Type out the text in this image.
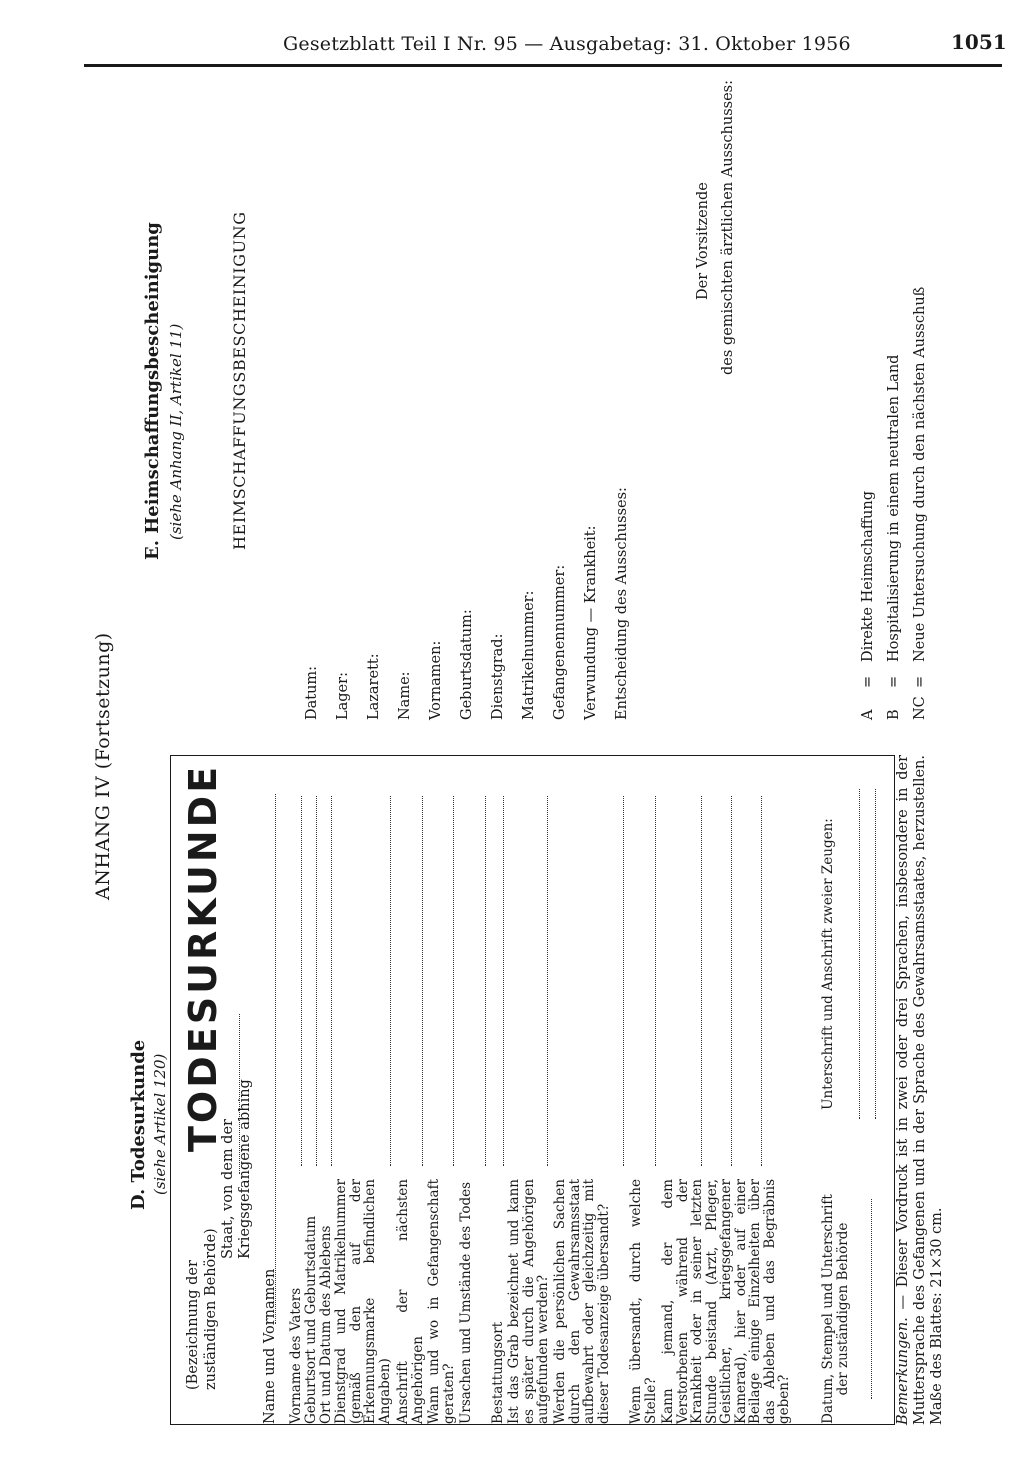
Gesetzblatt Teil I Nr. 95 — Ausgabetag: 31. Oktober 1956	1051
ANHANG IV (Fortsetzung)
D. Todesurkunde (siehe Artikel 120)
(Bezeichnung der zuständigen Behörde)
Staat, von dem der Kriegsgefangene abhing
TODESURKUNDE
Name und Vornamen Vorname des Vaters Geburtsort und Geburtsdatum Ort und Datum des Ablebens Dienstgrad und Matrikelnummer (gemäß den auf der Erkennungsmarke befindlichen Angaben) Anschrift der nächsten Angehörigen Wann und wo in Gefangenschaft geraten? Ursachen und Umstände des Todes Bestattungsort Ist das Grab bezeichnet und kann es später durch die Angehörigen aufgefunden werden? Werden die persönlichen Sachen durch den Gewahrsamsstaat aufbewahrt oder gleichzeitig mit dieser Todesanzeige übersandt? Wenn übersandt, durch welche Stelle? Kann jemand, der dem Verstorbenen während der Krankheit oder in seiner letzten Stunde beistand (Arzt, Pfleger, Geistlicher, kriegsgefangener Kamerad), hier oder auf einer Beilage einige Einzelheiten über das Ableben und das Begräbnis geben? Datum, Stempel und Unterschrift der zuständigen Behörde
Unterschrift und Anschrift zweier Zeugen:
Bemerkungen. — Dieser Vordruck ist in zwei oder drei Sprachen, insbesondere in der Muttersprache des Gefangenen und in der Sprache des Gewahrsamsstaates, herzustellen. Maße des Blattes: 21×30 cm.
E. Heimschaffungsbescheinigung (siehe Anhang II, Artikel 11)	HEIMSCHAFFUNGSBESCHEINIGUNG
Datum: Lager: Lazarett: Name: Vornamen: Geburtsdatum: Dienstgrad: Matrikelnummer: Gefangenennummer: Verwundung — Krankheit: Entscheidung des Ausschusses:
Der Vorsitzende des gemischten ärztlichen Ausschusses:
A
=
Direkte Heimschaffung
B
=
Hospitalisierung in einem neutralen Land
NC
=
Neue Untersuchung durch den nächsten Ausschuß
